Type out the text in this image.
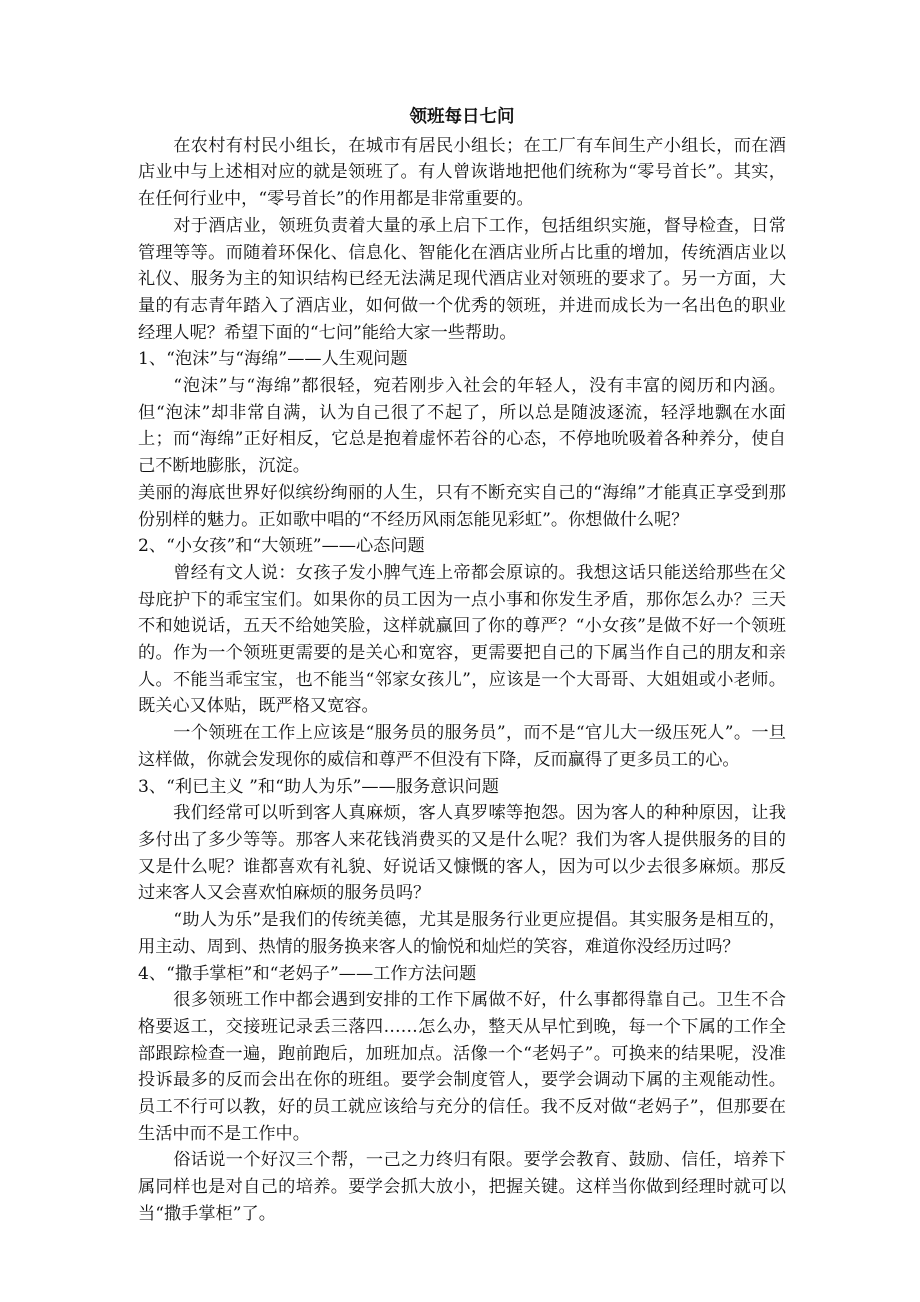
领班每日七问

在农村有村民小组长，在城市有居民小组长；在工厂有车间生产小组长，而在酒店业中与上述相对应的就是领班了。有人曾诙谐地把他们统称为“零号首长”。其实，在任何行业中，“零号首长”的作用都是非常重要的。

对于酒店业，领班负责着大量的承上启下工作，包括组织实施，督导检查，日常管理等等。而随着环保化、信息化、智能化在酒店业所占比重的增加，传统酒店业以礼仪、服务为主的知识结构已经无法满足现代酒店业对领班的要求了。另一方面，大量的有志青年踏入了酒店业，如何做一个优秀的领班，并进而成长为一名出色的职业经理人呢？希望下面的“七问”能给大家一些帮助。

1、“泡沫”与“海绵”——人生观问题

“泡沫”与“海绵”都很轻，宛若刚步入社会的年轻人，没有丰富的阅历和内涵。但“泡沫”却非常自满，认为自己很了不起了，所以总是随波逐流，轻浮地飘在水面上；而“海绵”正好相反，它总是抱着虚怀若谷的心态，不停地吮吸着各种养分，使自己不断地膨胀，沉淀。

美丽的海底世界好似缤纷绚丽的人生，只有不断充实自己的“海绵”才能真正享受到那份别样的魅力。正如歌中唱的“不经历风雨怎能见彩虹”。你想做什么呢？

2、“小女孩”和“大领班”——心态问题

曾经有文人说：女孩子发小脾气连上帝都会原谅的。我想这话只能送给那些在父母庇护下的乖宝宝们。如果你的员工因为一点小事和你发生矛盾，那你怎么办？三天不和她说话，五天不给她笑脸，这样就赢回了你的尊严？“小女孩”是做不好一个领班的。作为一个领班更需要的是关心和宽容，更需要把自己的下属当作自己的朋友和亲人。不能当乖宝宝，也不能当“邻家女孩儿”，应该是一个大哥哥、大姐姐或小老师。既关心又体贴，既严格又宽容。

一个领班在工作上应该是“服务员的服务员”，而不是“官儿大一级压死人”。一旦这样做，你就会发现你的威信和尊严不但没有下降，反而赢得了更多员工的心。

3、“利已主义 ”和“助人为乐”——服务意识问题

我们经常可以听到客人真麻烦，客人真罗嗦等抱怨。因为客人的种种原因，让我多付出了多少等等。那客人来花钱消费买的又是什么呢？我们为客人提供服务的目的又是什么呢？谁都喜欢有礼貌、好说话又慷慨的客人，因为可以少去很多麻烦。那反过来客人又会喜欢怕麻烦的服务员吗？

“助人为乐”是我们的传统美德，尤其是服务行业更应提倡。其实服务是相互的，用主动、周到、热情的服务换来客人的愉悦和灿烂的笑容，难道你没经历过吗？

4、“撒手掌柜”和“老妈子”——工作方法问题

很多领班工作中都会遇到安排的工作下属做不好，什么事都得靠自己。卫生不合格要返工，交接班记录丢三落四……怎么办，整天从早忙到晚，每一个下属的工作全部跟踪检查一遍，跑前跑后，加班加点。活像一个“老妈子”。可换来的结果呢，没准投诉最多的反而会出在你的班组。要学会制度管人，要学会调动下属的主观能动性。员工不行可以教，好的员工就应该给与充分的信任。我不反对做“老妈子”，但那要在生活中而不是工作中。

俗话说一个好汉三个帮，一己之力终归有限。要学会教育、鼓励、信任，培养下属同样也是对自己的培养。要学会抓大放小，把握关键。这样当你做到经理时就可以当“撒手掌柜”了。
